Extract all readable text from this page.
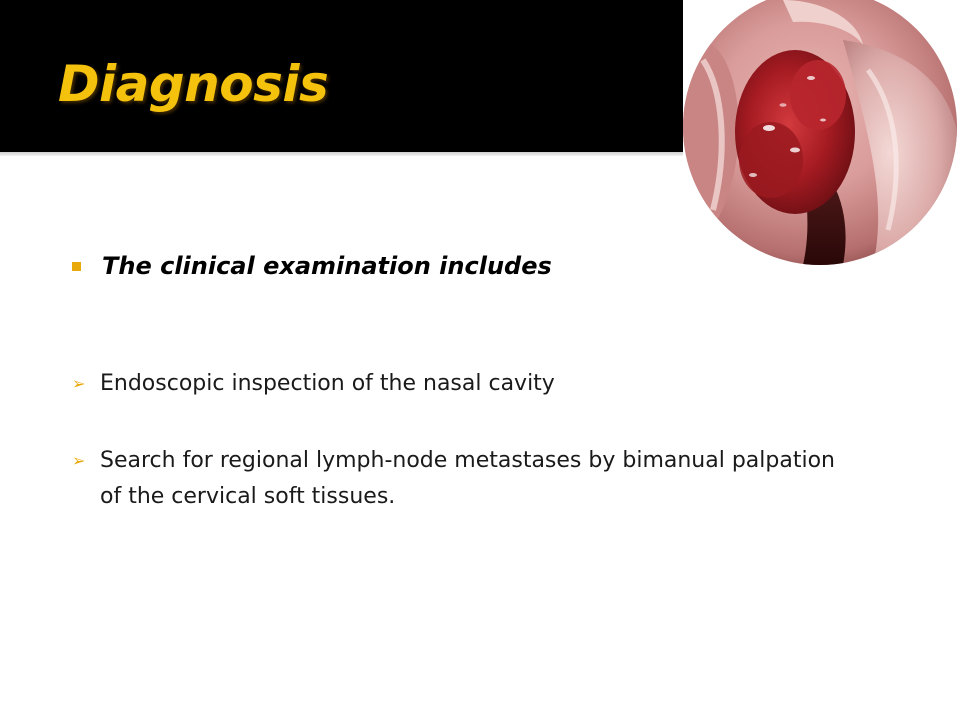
Diagnosis
The clinical examination includes
➢ Endoscopic inspection of the nasal cavity
➢ Search for regional lymph-node metastases by bimanual palpation of the cervical soft tissues.
